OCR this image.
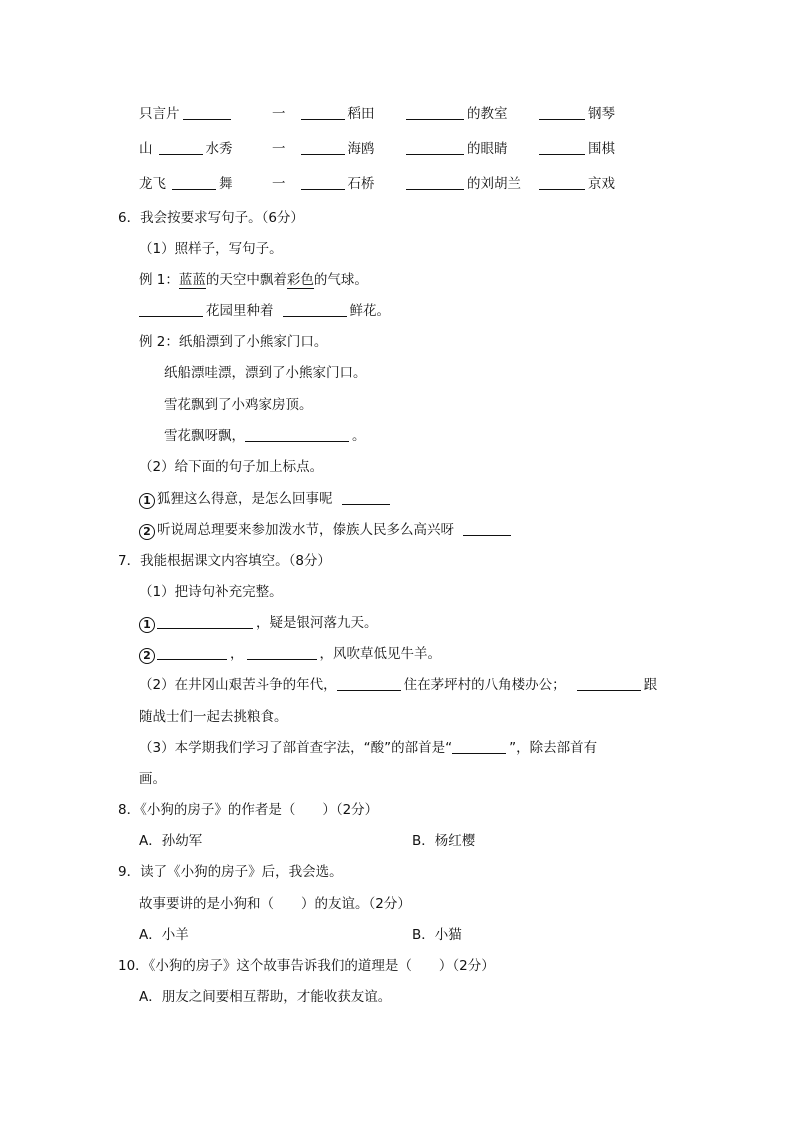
只言片	一	稻田	的教室	钢琴
山	水秀	一	海鸥	的眼睛	围棋
龙飞	舞	一	石桥	的刘胡兰	京戏
6．我会按要求写句子。（6分）
（1）照样子，写句子。
例 1：蓝蓝的天空中飘着彩色的气球。
花园里种着	鲜花。
例 2：纸船漂到了小熊家门口。
纸船漂哇漂，漂到了小熊家门口。
雪花飘到了小鸡家房顶。
雪花飘呀飘，	。
（2）给下面的句子加上标点。
1 狐狸这么得意，是怎么回事呢
2 听说周总理要来参加泼水节，傣族人民多么高兴呀
7．我能根据课文内容填空。（8分）
（1）把诗句补充完整。
1	，疑是银河落九天。
2	，	，风吹草低见牛羊。
（2）在井冈山艰苦斗争的年代，	住在茅坪村的八角楼办公；	跟
随战士们一起去挑粮食。
（3）本学期我们学习了部首查字法，“酸”的部首是“	”，除去部首有
画。
8．《小狗的房子》的作者是（　　）（2分）
A．孙幼军	B．杨红樱
9．读了《小狗的房子》后，我会选。
故事要讲的是小狗和（　　）的友谊。（2分）
A．小羊	B．小猫
10．《小狗的房子》这个故事告诉我们的道理是（　　）（2分）
A．朋友之间要相互帮助，才能收获友谊。
